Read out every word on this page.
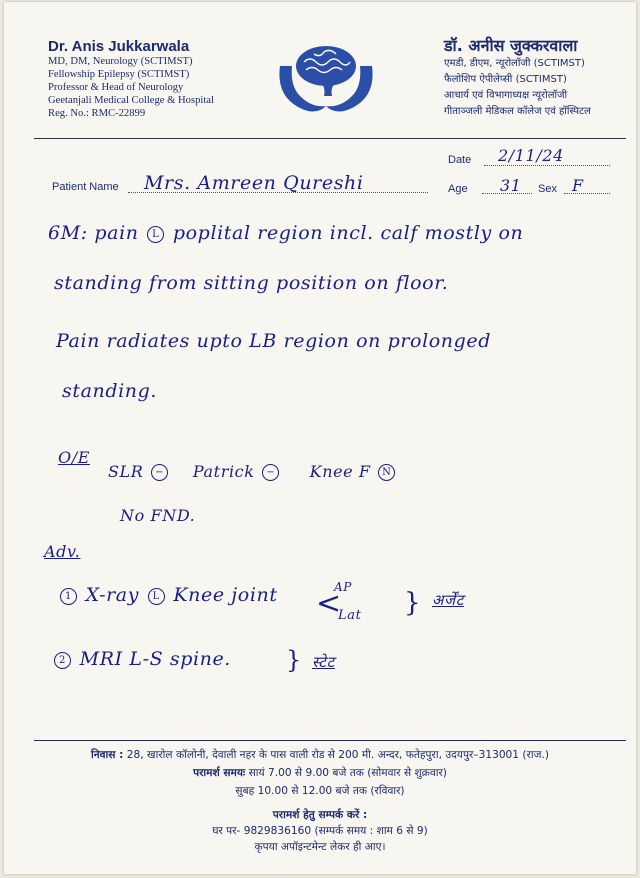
Dr. Anis Jukkarwala
MD, DM, Neurology (SCTIMST)
Fellowship Epilepsy (SCTIMST)
Professor & Head of Neurology
Geetanjali Medical College & Hospital
Reg. No.: RMC-22899
डॉ. अनीस जुक्करवाला
एमडी, डीएम, न्यूरोलॉजी (SCTIMST)
फैलोशिप ऐपीलेप्सी (SCTIMST)
आचार्य एवं विभागाध्यक्ष न्यूरोलॉजी
गीताञ्जली मेडिकल कॉलेज एवं हॉस्पिटल
Date 2/11/24
Patient Name Mrs. Amreen Qureshi	Age 31 Sex F
6M: pain L poplital region incl. calf mostly on
standing from sitting position on floor.
Pain radiates upto LB region on prolonged
standing.
O/E
SLR − Patrick − Knee F N
No FND.
Adv.
1 X-ray L Knee joint <
AP
Lat } अर्जेंट
2 MRI L-S spine. } स्टेट
निवास : 28, खारोल कॉलोनी, देवाली नहर के पास वाली रोड से 200 मी. अन्दर, फतेहपुरा, उदयपुर–313001 (राज.)
परामर्श समयः सायं 7.00 से 9.00 बजे तक (सोमवार से शुक्रवार)
सुबह 10.00 से 12.00 बजे तक (रविवार)
परामर्श हेतु सम्पर्क करें :
घर पर- 9829836160 (सम्पर्क समय : शाम 6 से 9)
कृपया अपॉइन्टमेन्ट लेकर ही आए।
